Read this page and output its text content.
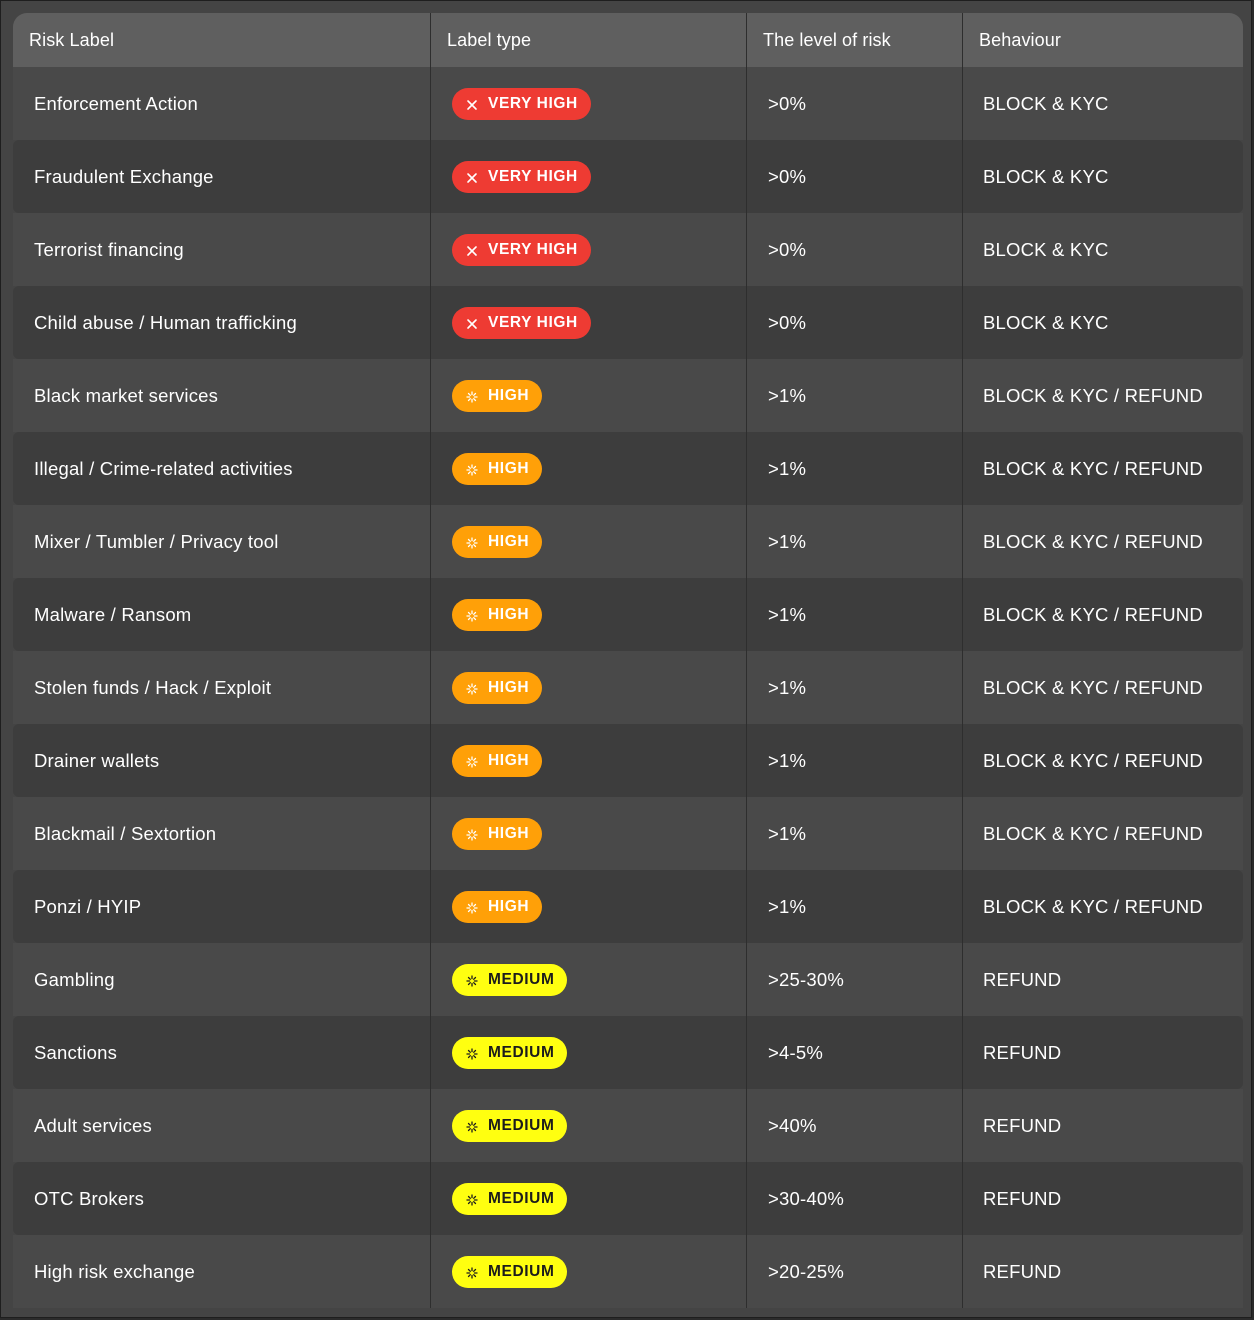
Risk Label	Label type	The level of risk	Behaviour
Enforcement Action	VERY HIGH	>0%	BLOCK & KYC
Fraudulent Exchange	VERY HIGH	>0%	BLOCK & KYC
Terrorist financing	VERY HIGH	>0%	BLOCK & KYC
Child abuse / Human trafficking	VERY HIGH	>0%	BLOCK & KYC
Black market services	HIGH	>1%	BLOCK & KYC / REFUND
Illegal / Crime-related activities	HIGH	>1%	BLOCK & KYC / REFUND
Mixer / Tumbler / Privacy tool	HIGH	>1%	BLOCK & KYC / REFUND
Malware / Ransom	HIGH	>1%	BLOCK & KYC / REFUND
Stolen funds / Hack / Exploit	HIGH	>1%	BLOCK & KYC / REFUND
Drainer wallets	HIGH	>1%	BLOCK & KYC / REFUND
Blackmail / Sextortion	HIGH	>1%	BLOCK & KYC / REFUND
Ponzi / HYIP	HIGH	>1%	BLOCK & KYC / REFUND
Gambling	MEDIUM	>25-30%	REFUND
Sanctions	MEDIUM	>4-5%	REFUND
Adult services	MEDIUM	>40%	REFUND
OTC Brokers	MEDIUM	>30-40%	REFUND
High risk exchange	MEDIUM	>20-25%	REFUND
